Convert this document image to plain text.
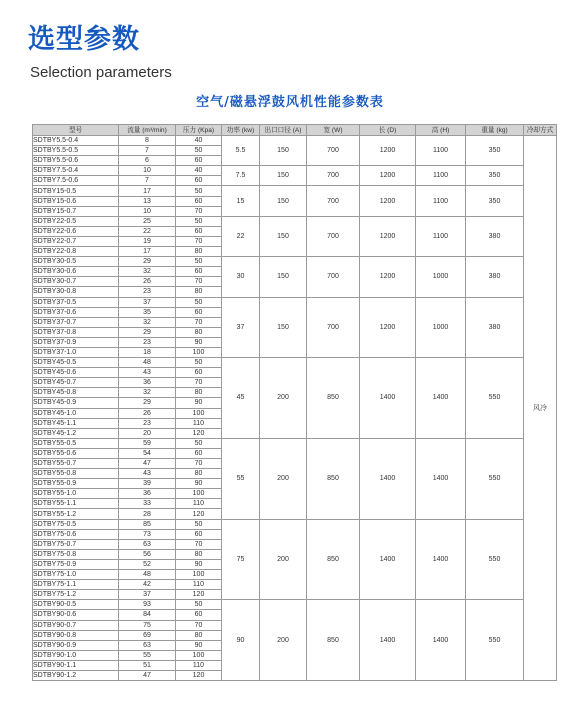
选型参数
Selection parameters
空气/磁悬浮鼓风机性能参数表
型号	流量 (m³/min)	压力 (Kpa)	功率 (kw)	出口口径 (A)	宽 (W)	长 (D)	高 (H)	重量 (kg)	冷却方式
SDTBY5.5-0.4	8	40	5.5	150	700	1200	1100	350	风冷
SDTBY5.5-0.5	7	50							
SDTBY5.5-0.6	6	60							
SDTBY7.5-0.4	10	40	7.5	150	700	1200	1100	350	
SDTBY7.5-0.6	7	60							
SDTBY15-0.5	17	50	15	150	700	1200	1100	350	
SDTBY15-0.6	13	60							
SDTBY15-0.7	10	70							
SDTBY22-0.5	25	50	22	150	700	1200	1100	380	
SDTBY22-0.6	22	60							
SDTBY22-0.7	19	70							
SDTBY22-0.8	17	80							
SDTBY30-0.5	29	50	30	150	700	1200	1000	380	
SDTBY30-0.6	32	60							
SDTBY30-0.7	26	70							
SDTBY30-0.8	23	80							
SDTBY37-0.5	37	50	37	150	700	1200	1000	380	
SDTBY37-0.6	35	60							
SDTBY37-0.7	32	70							
SDTBY37-0.8	29	80							
SDTBY37-0.9	23	90							
SDTBY37-1.0	18	100							
SDTBY45-0.5	48	50	45	200	850	1400	1400	550	
SDTBY45-0.6	43	60							
SDTBY45-0.7	36	70							
SDTBY45-0.8	32	80							
SDTBY45-0.9	29	90							
SDTBY45-1.0	26	100							
SDTBY45-1.1	23	110							
SDTBY45-1.2	20	120							
SDTBY55-0.5	59	50	55	200	850	1400	1400	550	
SDTBY55-0.6	54	60							
SDTBY55-0.7	47	70							
SDTBY55-0.8	43	80							
SDTBY55-0.9	39	90							
SDTBY55-1.0	36	100							
SDTBY55-1.1	33	110							
SDTBY55-1.2	28	120							
SDTBY75-0.5	85	50	75	200	850	1400	1400	550	
SDTBY75-0.6	73	60							
SDTBY75-0.7	63	70							
SDTBY75-0.8	56	80							
SDTBY75-0.9	52	90							
SDTBY75-1.0	48	100							
SDTBY75-1.1	42	110							
SDTBY75-1.2	37	120							
SDTBY90-0.5	93	50	90	200	850	1400	1400	550	
SDTBY90-0.6	84	60							
SDTBY90-0.7	75	70							
SDTBY90-0.8	69	80							
SDTBY90-0.9	63	90							
SDTBY90-1.0	55	100							
SDTBY90-1.1	51	110							
SDTBY90-1.2	47	120							
